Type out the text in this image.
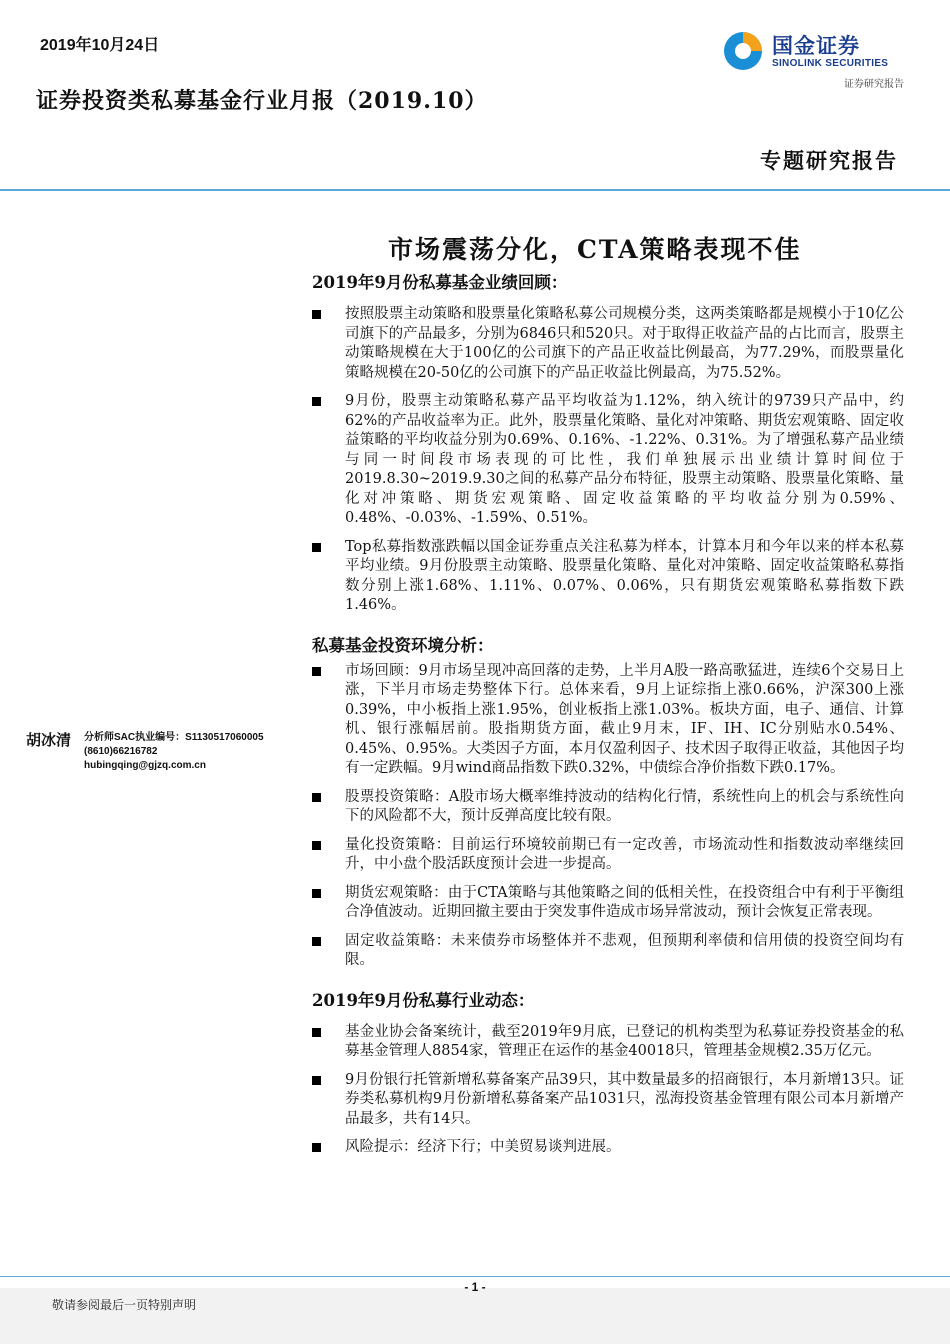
2019年10月24日
证券投资类私募基金行业月报（2019.10）
国金证券
SINOLINK SECURITIES
证券研究报告
专题研究报告
市场震荡分化，CTA策略表现不佳
2019年9月份私募基金业绩回顾：
按照股票主动策略和股票量化策略私募公司规模分类，这两类策略都是规模小于10亿公司旗下的产品最多，分别为6846只和520只。对于取得正收益产品的占比而言，股票主动策略规模在大于100亿的公司旗下的产品正收益比例最高，为77.29%，而股票量化策略规模在20-50亿的公司旗下的产品正收益比例最高，为75.52%。
9月份，股票主动策略私募产品平均收益为1.12%，纳入统计的9739只产品中，约62%的产品收益率为正。此外，股票量化策略、量化对冲策略、期货宏观策略、固定收益策略的平均收益分别为0.69%、0.16%、-1.22%、0.31%。为了增强私募产品业绩与同一时间段市场表现的可比性，我们单独展示出业绩计算时间位于2019.8.30~2019.9.30之间的私募产品分布特征，股票主动策略、股票量化策略、量化对冲策略、期货宏观策略、固定收益策略的平均收益分别为0.59%、0.48%、-0.03%、-1.59%、0.51%。
Top私募指数涨跌幅以国金证券重点关注私募为样本，计算本月和今年以来的样本私募平均业绩。9月份股票主动策略、股票量化策略、量化对冲策略、固定收益策略私募指数分别上涨1.68%、1.11%、0.07%、0.06%，只有期货宏观策略私募指数下跌1.46%。
私募基金投资环境分析：
市场回顾：9月市场呈现冲高回落的走势，上半月A股一路高歌猛进，连续6个交易日上涨，下半月市场走势整体下行。总体来看，9月上证综指上涨0.66%，沪深300上涨0.39%，中小板指上涨1.95%，创业板指上涨1.03%。板块方面，电子、通信、计算机、银行涨幅居前。股指期货方面，截止9月末，IF、IH、IC分别贴水0.54%、0.45%、0.95%。大类因子方面，本月仅盈利因子、技术因子取得正收益，其他因子均有一定跌幅。9月wind商品指数下跌0.32%，中债综合净价指数下跌0.17%。
股票投资策略：A股市场大概率维持波动的结构化行情，系统性向上的机会与系统性向下的风险都不大，预计反弹高度比较有限。
量化投资策略：目前运行环境较前期已有一定改善，市场流动性和指数波动率继续回升，中小盘个股活跃度预计会进一步提高。
期货宏观策略：由于CTA策略与其他策略之间的低相关性，在投资组合中有利于平衡组合净值波动。近期回撤主要由于突发事件造成市场异常波动，预计会恢复正常表现。
固定收益策略：未来债券市场整体并不悲观，但预期利率债和信用债的投资空间均有限。
2019年9月份私募行业动态：
基金业协会备案统计，截至2019年9月底，已登记的机构类型为私募证券投资基金的私募基金管理人8854家，管理正在运作的基金40018只，管理基金规模2.35万亿元。
9月份银行托管新增私募备案产品39只，其中数量最多的招商银行，本月新增13只。证券类私募机构9月份新增私募备案产品1031只，泓海投资基金管理有限公司本月新增产品最多，共有14只。
风险提示：经济下行；中美贸易谈判进展。
胡冰清 分析师SAC执业编号：S1130517060005
(8610)66216782
hubingqing@gjzq.com.cn
- 1 -
敬请参阅最后一页特别声明
